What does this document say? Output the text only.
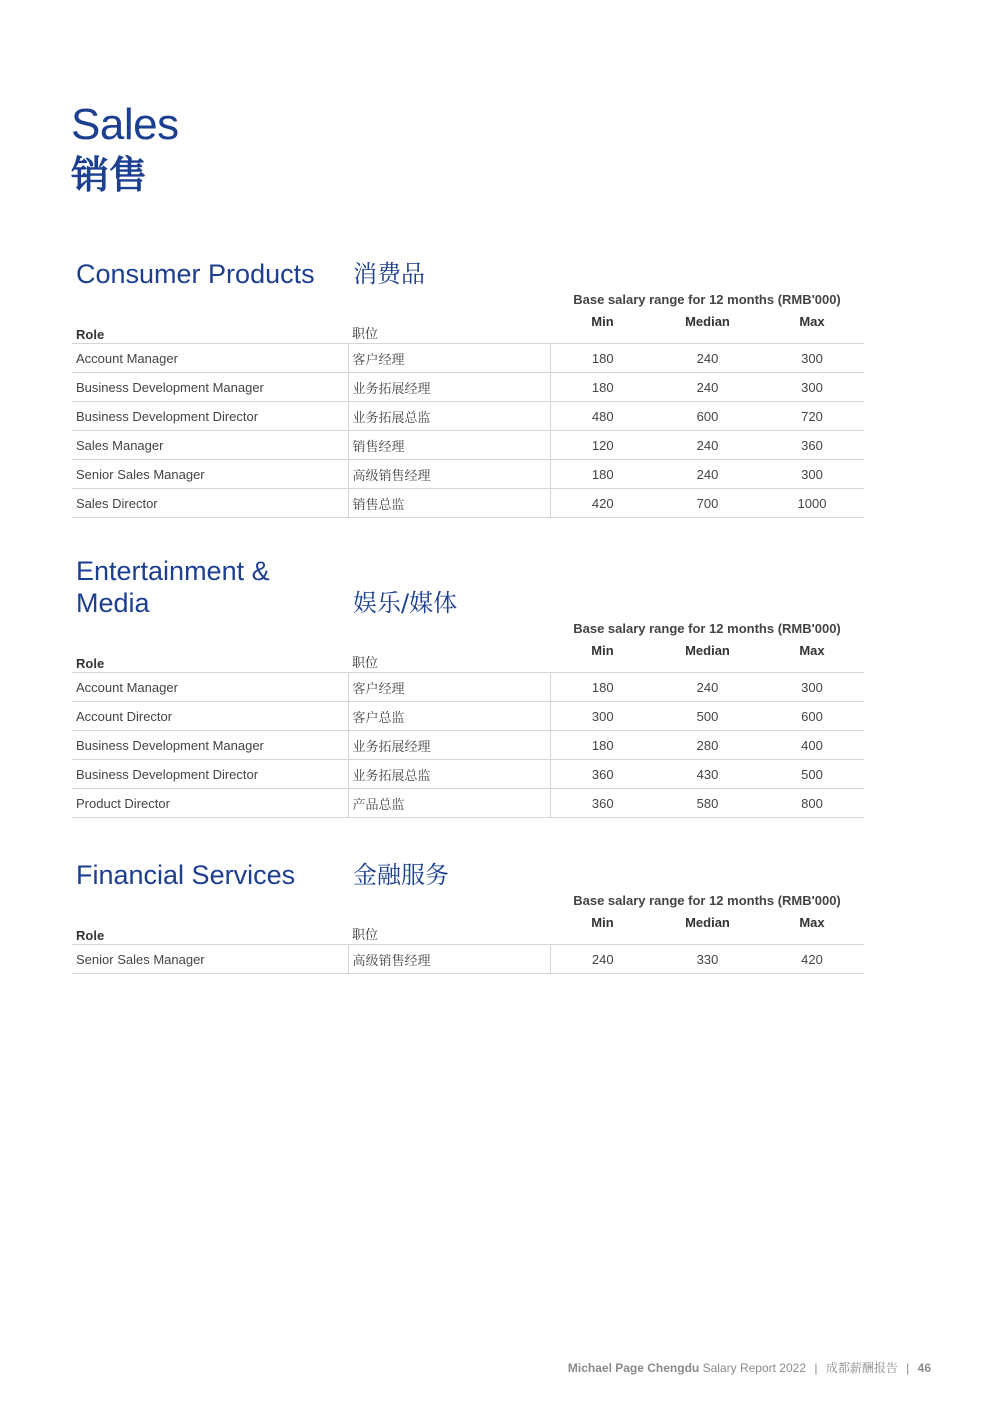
Sales
销售
Consumer Products 消费品
Base salary range for 12 months (RMB'000)
Role	职位	Min	Median	Max
Account Manager	客户经理	180	240	300
Business Development Manager	业务拓展经理	180	240	300
Business Development Director	业务拓展总监	480	600	720
Sales Manager	销售经理	120	240	360
Senior Sales Manager	高级销售经理	180	240	300
Sales Director	销售总监	420	700	1000
Entertainment &
Media	娱乐/媒体
Base salary range for 12 months (RMB'000)
Role	职位	Min	Median	Max
Account Manager	客户经理	180	240	300
Account Director	客户总监	300	500	600
Business Development Manager	业务拓展经理	180	280	400
Business Development Director	业务拓展总监	360	430	500
Product Director	产品总监	360	580	800
Financial Services 金融服务
Base salary range for 12 months (RMB'000)
Role	职位	Min	Median	Max
Senior Sales Manager	高级销售经理	240	330	420
Michael Page Chengdu Salary Report 2022 | 成都薪酬报告 | 46
